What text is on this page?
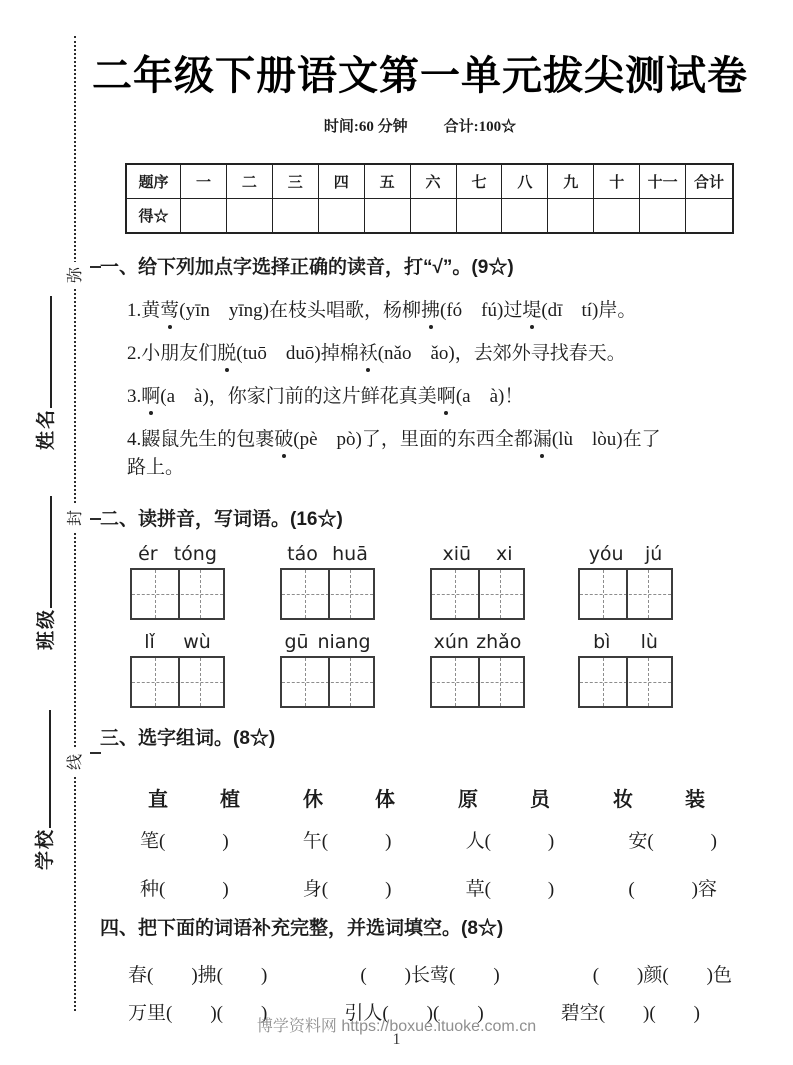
弥
封
线
姓名
班级
学校
二年级下册语文第一单元拔尖测试卷
时间:60 分钟 合计:100☆
题序	一	二	三	四	五	六	七	八	九	十	十一	合计
得☆
一、给下列加点字选择正确的读音，打“√”。(9☆)
1.黄莺(yīn　yīng)在枝头唱歌，杨柳拂(fó　fú)过堤(dī　tí)岸。
2.小朋友们脱(tuō　duō)掉棉袄(nǎo　ǎo)，去郊外寻找春天。
3.啊(a　à)，你家门前的这片鲜花真美啊(a　à)！
4.鼹鼠先生的包裹破(pè　pò)了，里面的东西全都漏(lù　lòu)在了
路上。
二、读拼音，写词语。(16☆)
ér tóng	táo huā	xiū xi	yóu jú
lǐ wù	gū niang	xún zhǎo	bì lù
三、选字组词。(8☆)
直	植	休	体	原	员	妆	装
笔(　　　)	午(　　　)	人(　　　)	安(　　　)
种(　　　)	身(　　　)	草(　　　)	(　　　)容
四、把下面的词语补充完整，并选词填空。(8☆)
春(　　)拂(　　)	(　　)长莺(　　)	(　　)颜(　　)色
万里(　　)(　　)	引人(　　)(　　)	碧空(　　)(　　)
博学资料网 https://boxue.ituoke.com.cn
1
